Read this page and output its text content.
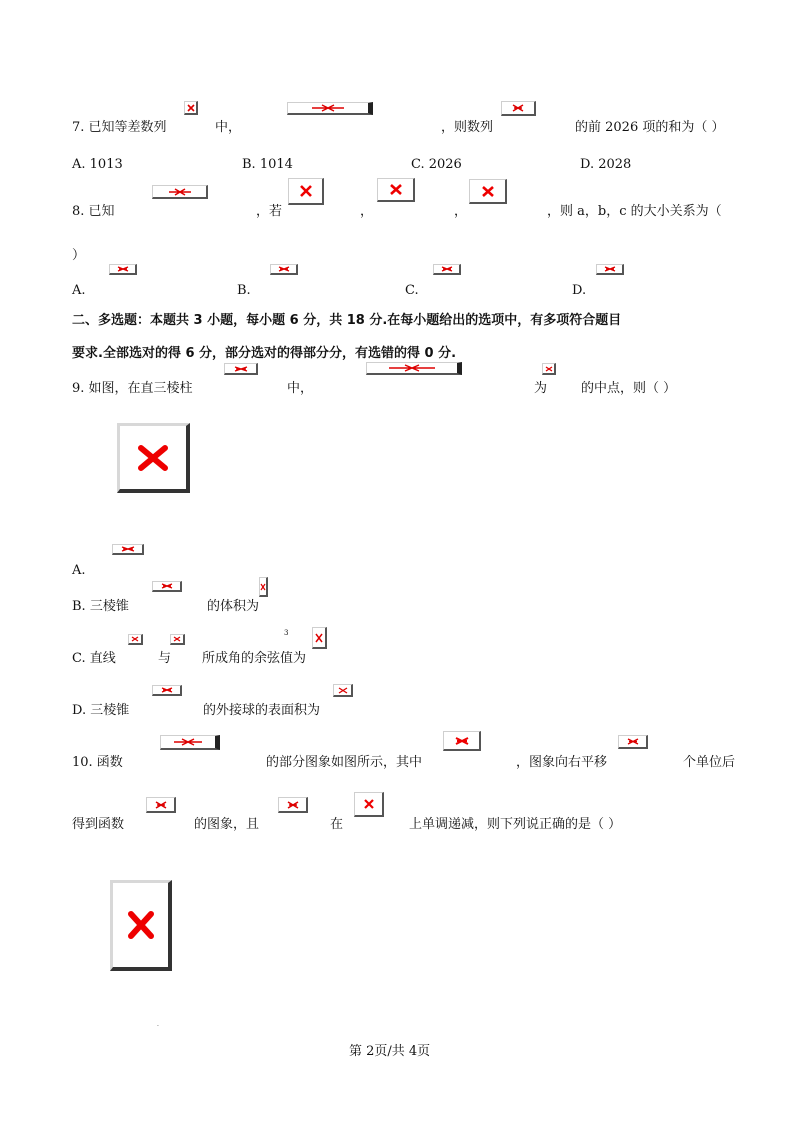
7. 已知等差数列	中，	，则数列	的前 2026 项的和为（ ）
A. 1013	B. 1014	C. 2026	D. 2028
8. 已知	，若	，	，	，则 a，b，c 的大小关系为（
）
A.	B.	C.	D.
二、多选题：本题共 3 小题，每小题 6 分，共 18 分.在每小题给出的选项中，有多项符合题目
要求.全部选对的得 6 分，部分选对的得部分分，有选错的得 0 分.
9. 如图，在直三棱柱	中，	为	的中点，则（ ）
A.
B. 三棱锥	的体积为
3
C. 直线	与 所成角的余弦值为
D. 三棱锥	的外接球的表面积为
10. 函数	的部分图象如图所示，其中	，图象向右平移	个单位后
得到函数	的图象，且	在	上单调递减，则下列说正确的是（ ）
.
第 2页/共 4页
